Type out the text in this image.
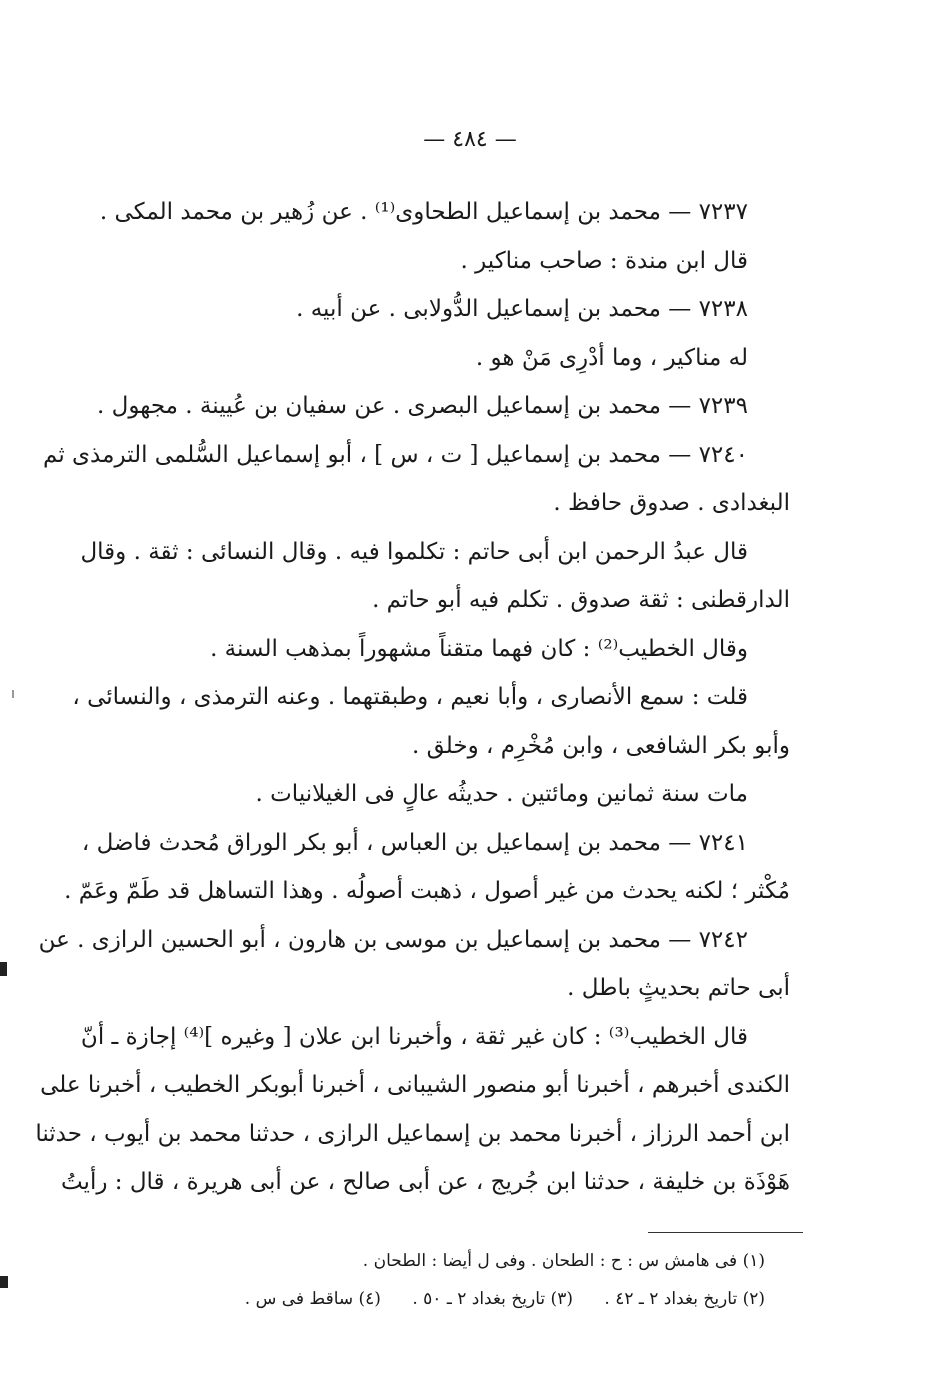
— ٤٨٤ —
٧٢٣٧ — محمد بن إسماعيل الطحاوى⁽¹⁾ . عن زُهير بن محمد المكى .
قال ابن مندة : صاحب مناكير .
٧٢٣٨ — محمد بن إسماعيل الدُّولابى . عن أبيه .
له مناكير ، وما أدْرِى مَنْ هو .
٧٢٣٩ — محمد بن إسماعيل البصرى . عن سفيان بن عُيينة . مجهول .
٧٢٤٠ — محمد بن إسماعيل [ ت ، س ] ، أبو إسماعيل السُّلمى الترمذى ثم
البغدادى . صدوق حافظ .
قال عبدُ الرحمن ابن أبى حاتم : تكلموا فيه . وقال النسائى : ثقة . وقال
الدارقطنى : ثقة صدوق . تكلم فيه أبو حاتم .
وقال الخطيب⁽²⁾ : كان فهما متقناً مشهوراً بمذهب السنة .
قلت : سمع الأنصارى ، وأبا نعيم ، وطبقتهما . وعنه الترمذى ، والنسائى ،
وأبو بكر الشافعى ، وابن مُخْرِم ، وخلق .
مات سنة ثمانين ومائتين . حديثُه عالٍ فى الغيلانيات .
٧٢٤١ — محمد بن إسماعيل بن العباس ، أبو بكر الوراق مُحدث فاضل ،
مُكْثر ؛ لكنه يحدث من غير أصول ، ذهبت أصولُه . وهذا التساهل قد طَمّ وعَمّ .
٧٢٤٢ — محمد بن إسماعيل بن موسى بن هارون ، أبو الحسين الرازى . عن
أبى حاتم بحديثٍ باطل .
قال الخطيب⁽³⁾ : كان غير ثقة ، وأخبرنا ابن علان [ وغيره ]⁽⁴⁾ إجازة ـ أنّ
الكندى أخبرهم ، أخبرنا أبو منصور الشيبانى ، أخبرنا أبوبكر الخطيب ، أخبرنا على
ابن أحمد الرزاز ، أخبرنا محمد بن إسماعيل الرازى ، حدثنا محمد بن أيوب ، حدثنا
هَوْذَة بن خليفة ، حدثنا ابن جُريج ، عن أبى صالح ، عن أبى هريرة ، قال : رأيتُ
(١) فى هامش س : ح : الطحان . وفى ل أيضا : الطحان .
(٢) تاريخ بغداد ٢ ـ ٤٢ . (٣) تاريخ بغداد ٢ ـ ٥٠ . (٤) ساقط فى س .
